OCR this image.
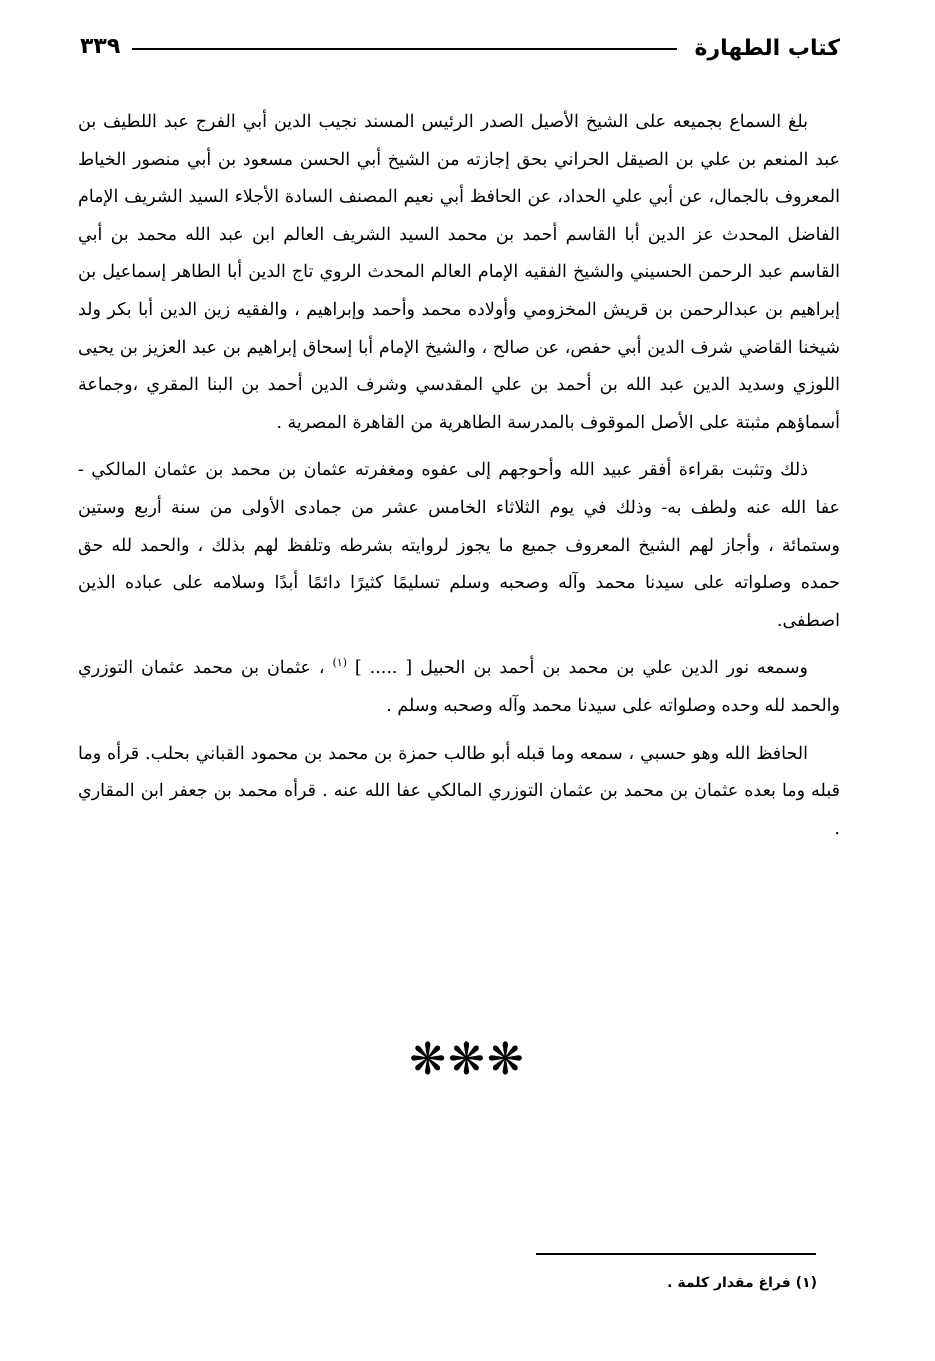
كتاب الطهارة
٣٣٩

بلغ السماع بجميعه على الشيخ الأصيل الصدر الرئيس المسند نجيب الدين أبي الفرج عبد اللطيف بن عبد المنعم بن علي بن الصيقل الحراني بحق إجازته من الشيخ أبي الحسن مسعود بن أبي منصور الخياط المعروف بالجمال، عن أبي علي الحداد، عن الحافظ أبي نعيم المصنف السادة الأجلاء السيد الشريف الإمام الفاضل المحدث عز الدين أبا القاسم أحمد بن محمد السيد الشريف العالم ابن عبد الله محمد بن أبي القاسم عبد الرحمن الحسيني والشيخ الفقيه الإمام العالم المحدث الروي تاج الدين أبا الطاهر إسماعيل بن إبراهيم بن عبدالرحمن بن قريش المخزومي وأولاده محمد وأحمد وإبراهيم ، والفقيه زين الدين أبا بكر ولد شيخنا القاضي شرف الدين أبي حفص، عن صالح ، والشيخ الإمام أبا إسحاق إبراهيم بن عبد العزيز بن يحيى اللوزي وسديد الدين عبد الله بن أحمد بن علي المقدسي وشرف الدين أحمد بن البنا المقري ،وجماعة أسماؤهم مثبتة على الأصل الموقوف بالمدرسة الطاهرية من القاهرة المصرية .

ذلك وتثبت بقراءة أفقر عبيد الله وأحوجهم إلى عفوه ومغفرته عثمان بن محمد بن عثمان المالكي - عفا الله عنه ولطف به- وذلك في يوم الثلاثاء الخامس عشر من جمادى الأولى من سنة أربع وستين وستمائة ، وأجاز لهم الشيخ المعروف جميع ما يجوز لروايته بشرطه وتلفظ لهم بذلك ، والحمد لله حق حمده وصلواته على سيدنا محمد وآله وصحبه وسلم تسليمًا كثيرًا دائمًا أبدًا وسلامه على عباده الذين اصطفى.

وسمعه نور الدين علي بن محمد بن أحمد بن الحبيل [ ..... ] $^{(١)}$ ، عثمان بن محمد عثمان التوزري والحمد لله وحده وصلواته على سيدنا محمد وآله وصحبه وسلم .

الحافظ الله وهو حسبي ، سمعه وما قبله أبو طالب حمزة بن محمد بن محمود القباني بحلب. قرأه وما قبله وما بعده عثمان بن محمد بن عثمان التوزري المالكي عفا الله عنه . قرأه محمد بن جعفر ابن المقاري .

❋❋❋
(١) فراغ مقدار كلمة .
